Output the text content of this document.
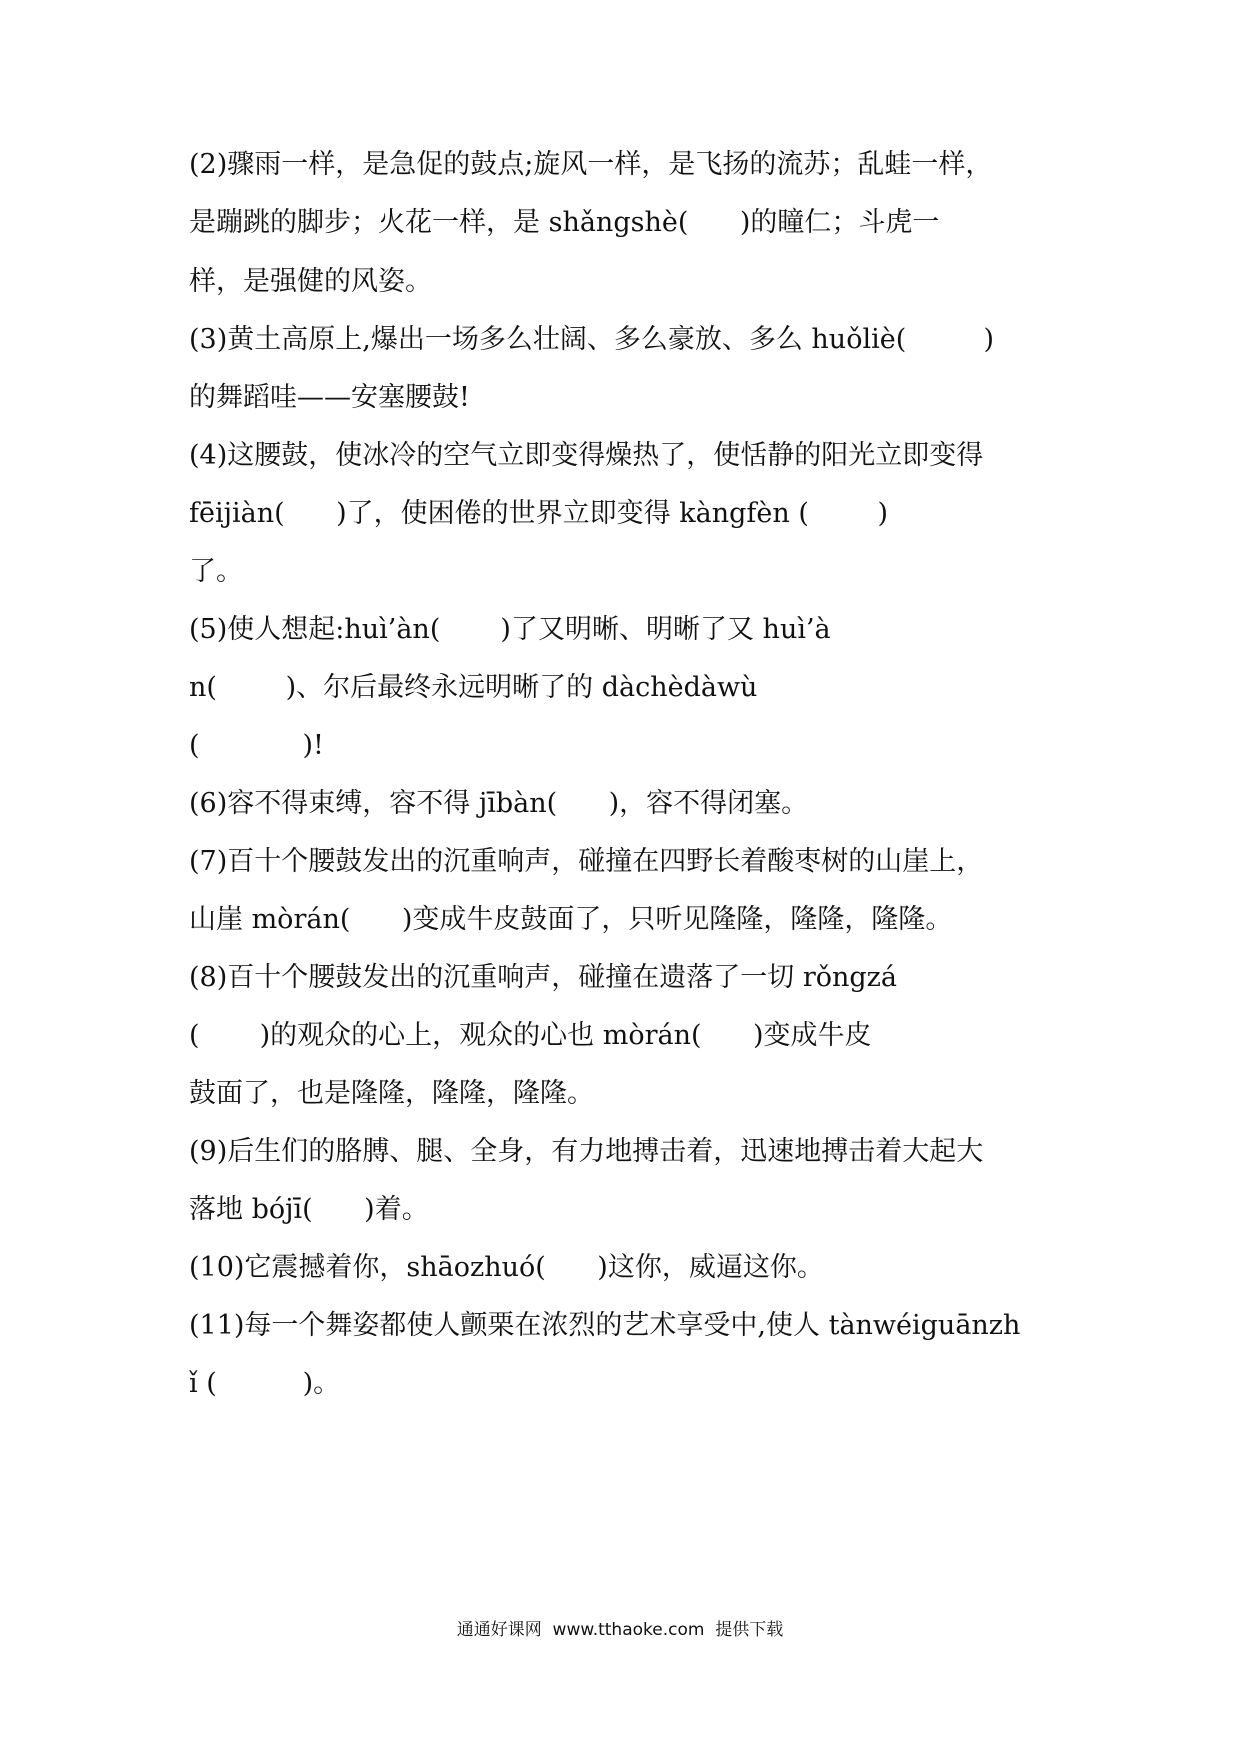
(2)骤雨一样，是急促的鼓点;旋风一样，是飞扬的流苏；乱蛙一样，
是蹦跳的脚步；火花一样，是 shǎngshè(      )的瞳仁；斗虎一
样，是强健的风姿。
(3)黄土高原上,爆出一场多么壮阔、多么豪放、多么 huǒliè(         )
的舞蹈哇——安塞腰鼓!
(4)这腰鼓，使冰冷的空气立即变得燥热了，使恬静的阳光立即变得
fēijiàn(      )了，使困倦的世界立即变得 kàngfèn (        )
了。
(5)使人想起:huì’àn(       )了又明晰、明晰了又 huì’à
n(        )、尔后最终永远明晰了的 dàchèdàwù
(            )!
(6)容不得束缚，容不得 jībàn(      )，容不得闭塞。
(7)百十个腰鼓发出的沉重响声，碰撞在四野长着酸枣树的山崖上，
山崖 mòrán(      )变成牛皮鼓面了，只听见隆隆，隆隆，隆隆。
(8)百十个腰鼓发出的沉重响声，碰撞在遗落了一切 rǒngzá
(       )的观众的心上，观众的心也 mòrán(      )变成牛皮
鼓面了，也是隆隆，隆隆，隆隆。
(9)后生们的胳膊、腿、全身，有力地搏击着，迅速地搏击着大起大
落地 bójī(      )着。
(10)它震撼着你，shāozhuó(      )这你，威逼这你。
(11)每一个舞姿都使人颤栗在浓烈的艺术享受中,使人 tànwéiguānzh
ǐ (          )。
通通好课网  www.tthaoke.com  提供下载
